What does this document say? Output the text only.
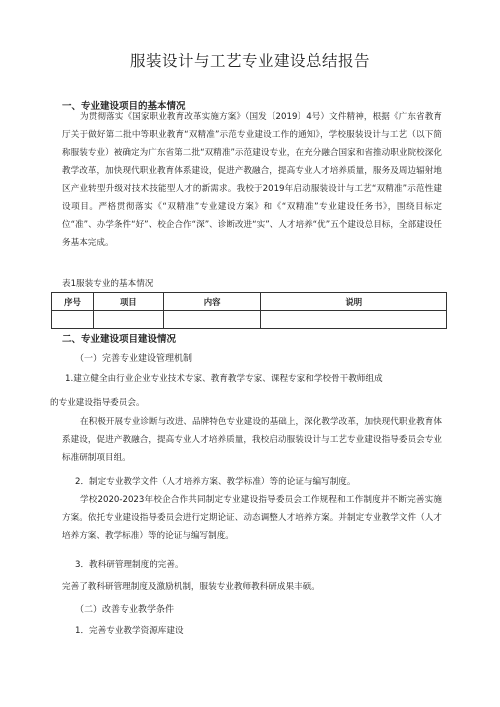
服装设计与工艺专业建设总结报告
一、专业建设项目的基本情况

为贯彻落实《国家职业教育改革实施方案》（国发〔2019〕4号）文件精神，根据《广东省教育厅关于做好第二批中等职业教育“双精准”示范专业建设工作的通知》，学校服装设计与工艺（以下简称服装专业）被确定为广东省第二批“双精准”示范建设专业，在充分融合国家和省推动职业院校深化教学改革，加快现代职业教育体系建设，促进产教融合，提高专业人才培养质量，服务及周边辐射地区产业转型升级对技术技能型人才的新需求。我校于2019年启动服装设计与工艺“双精准”示范性建设项目。严格贯彻落实《“双精准”专业建设方案》和《“双精准”专业建设任务书》，围绕目标定位“准”、办学条件“好”、校企合作“深”、诊断改进“实”、人才培养“优”五个建设总目标，全部建设任务基本完成。

表1服装专业的基本情况
序号	项目	内容	说明

二、专业建设项目建设情况
（一）完善专业建设管理机制
1.建立健全由行业企业专业技术专家、教育教学专家、课程专家和学校骨干教师组成
的专业建设指导委员会。

在积极开展专业诊断与改进、品牌特色专业建设的基础上，深化教学改革，加快现代职业教育体系建设，促进产教融合，提高专业人才培养质量，我校启动服装设计与工艺专业建设指导委员会专业标准研制项目组。

2．制定专业教学文件（人才培养方案、教学标准）等的论证与编写制度。

学校2020-2023年校企合作共同制定专业建设指导委员会工作规程和工作制度并不断完善实施方案。依托专业建设指导委员会进行定期论证、动态调整人才培养方案。并制定专业教学文件（人才培养方案、教学标准）等的论证与编写制度。

3．教科研管理制度的完善。
完善了教科研管理制度及激励机制，服装专业教师教科研成果丰硕。
（二）改善专业教学条件
1．完善专业教学资源库建设
